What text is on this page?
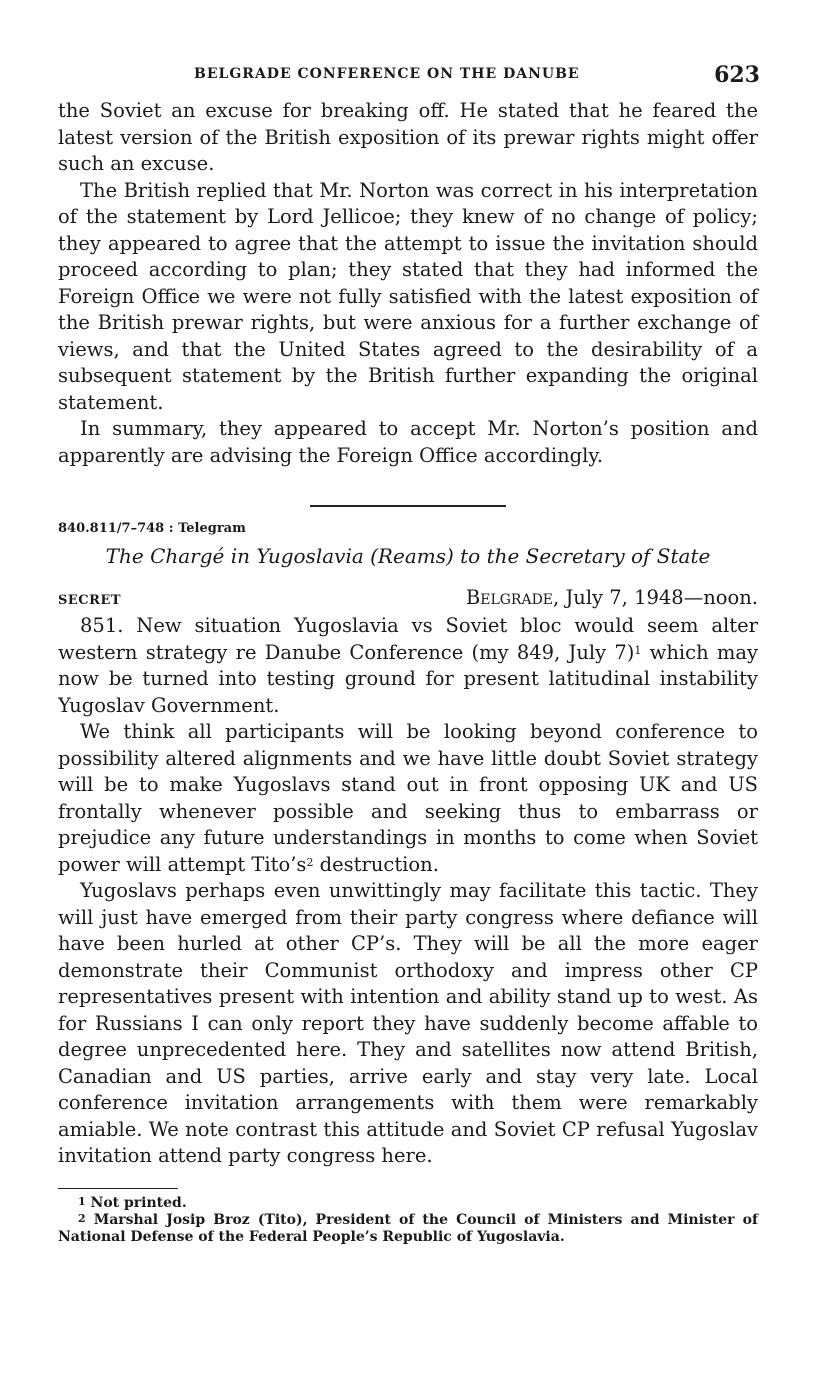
BELGRADE CONFERENCE ON THE DANUBE	623

the Soviet an excuse for breaking off. He stated that he feared the latest version of the British exposition of its prewar rights might offer such an excuse.

The British replied that Mr. Norton was correct in his interpretation of the statement by Lord Jellicoe; they knew of no change of policy; they appeared to agree that the attempt to issue the invitation should proceed according to plan; they stated that they had informed the Foreign Office we were not fully satisfied with the latest exposition of the British prewar rights, but were anxious for a further exchange of views, and that the United States agreed to the desirability of a subsequent statement by the British further expanding the original statement.

In summary, they appeared to accept Mr. Norton’s position and apparently are advising the Foreign Office accordingly.

840.811/7–748 : Telegram
The Chargé in Yugoslavia (Reams) to the Secretary of State
SECRET	Belgrade, July 7, 1948—noon.

851. New situation Yugoslavia vs Soviet bloc would seem alter western strategy re Danube Conference (my 849, July 7)$^1$ which may now be turned into testing ground for present latitudinal instability Yugoslav Government.

We think all participants will be looking beyond conference to possibility altered alignments and we have little doubt Soviet strategy will be to make Yugoslavs stand out in front opposing UK and US frontally whenever possible and seeking thus to embarrass or prejudice any future understandings in months to come when Soviet power will attempt $Tito’s^2$ destruction.

Yugoslavs perhaps even unwittingly may facilitate this tactic. They will just have emerged from their party congress where defiance will have been hurled at other CP’s. They will be all the more eager demonstrate their Communist orthodoxy and impress other CP representatives present with intention and ability stand up to west. As for Russians I can only report they have suddenly become affable to degree unprecedented here. They and satellites now attend British, Canadian and US parties, arrive early and stay very late. Local conference invitation arrangements with them were remarkably amiable. We note contrast this attitude and Soviet CP refusal Yugoslav invitation attend party congress here.

$^1$ Not printed.
$^2$ Marshal Josip Broz (Tito), President of the Council of Ministers and Minister of National Defense of the Federal People’s Republic of Yugoslavia.
